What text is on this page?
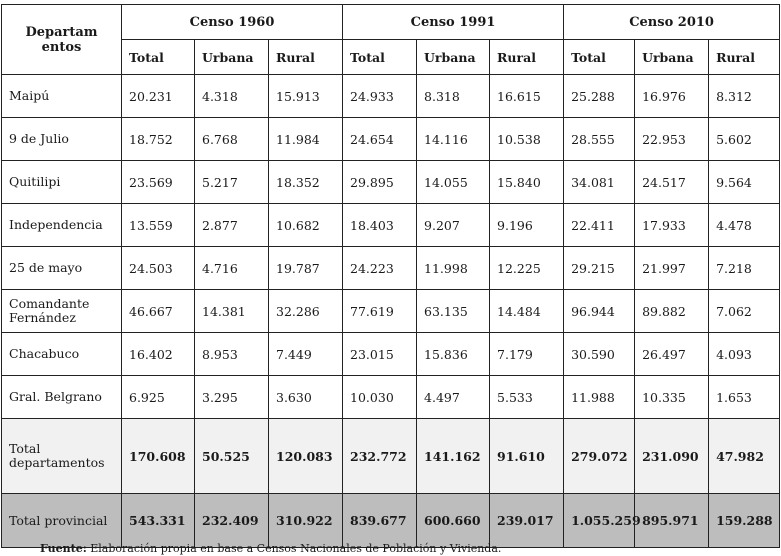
Departam entos	Censo 1960			Censo 1991			Censo 2010		
	Total	Urbana	Rural	Total	Urbana	Rural	Total	Urbana	Rural
Maipú	20.231	4.318	15.913	24.933	8.318	16.615	25.288	16.976	8.312
9 de Julio	18.752	6.768	11.984	24.654	14.116	10.538	28.555	22.953	5.602
Quitilipi	23.569	5.217	18.352	29.895	14.055	15.840	34.081	24.517	9.564
Independencia	13.559	2.877	10.682	18.403	9.207	9.196	22.411	17.933	4.478
25 de mayo	24.503	4.716	19.787	24.223	11.998	12.225	29.215	21.997	7.218
Comandante Fernández	46.667	14.381	32.286	77.619	63.135	14.484	96.944	89.882	7.062
Chacabuco	16.402	8.953	7.449	23.015	15.836	7.179	30.590	26.497	4.093
Gral. Belgrano	6.925	3.295	3.630	10.030	4.497	5.533	11.988	10.335	1.653
Total departamentos	170.608	50.525	120.083	232.772	141.162	91.610	279.072	231.090	47.982
Total provincial	543.331	232.409	310.922	839.677	600.660	239.017	1.055.259	895.971	159.288
Fuente: Elaboración propia en base a Censos Nacionales de Población y Vivienda.
